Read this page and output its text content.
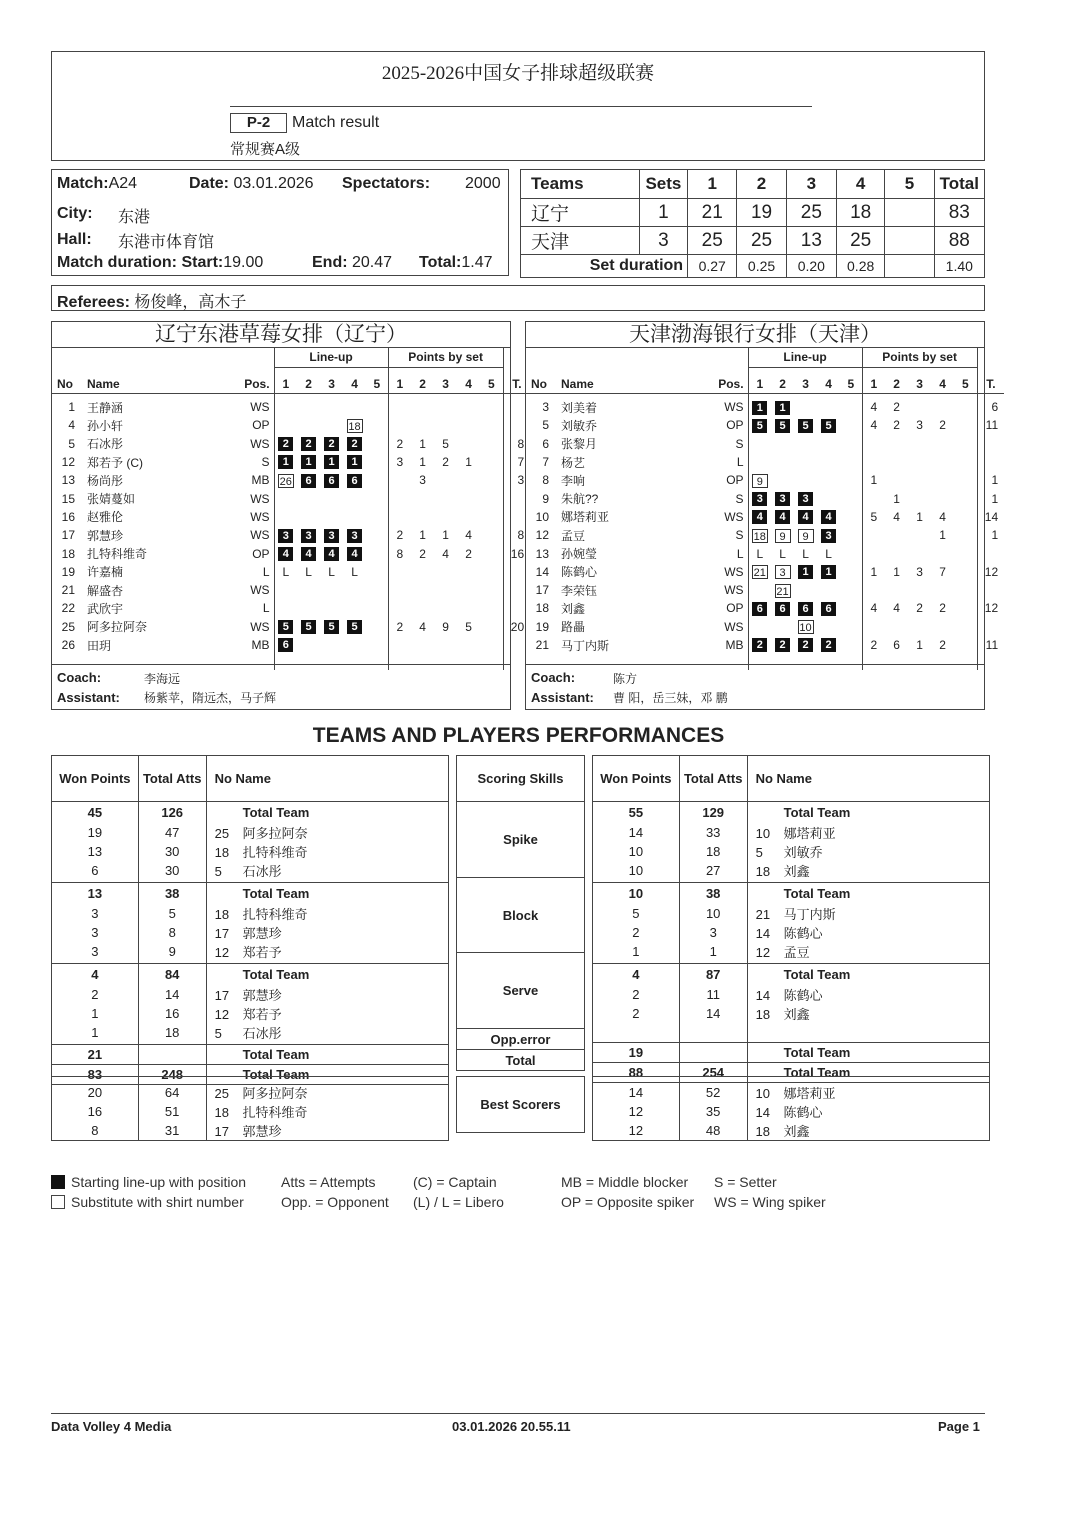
2025-2026中国女子排球超级联赛
P-2	Match result
常规赛A级
Match:A24	Date: 03.01.2026 Spectators: 2000
City: 东港
Hall: 东港市体育馆
Match duration: Start:19.00	End: 20.47 Total:1.47
Teams	Sets	1	2	3	4	5	Total
辽宁	1	21	19	25	18		83
天津	3	25	25	13	25		88
Set duration		0.27	0.25	0.20	0.28		1.40
Referees: 杨俊峰，高木子
辽宁东港草莓女排（辽宁）
			Line-up					Points by set					
No	Name	Pos.	1	2	3	4	5	1	2	3	4	5	T.

1	王静涵	WS											
4	孙小轩	OP				18							
5	石冰彤	WS	2	2	2	2		2	1	5			8
12	郑若予 (C)	S	1	1	1	1		3	1	2	1		7
13	杨尚彤	MB	26	6	6	6			3				3
15	张婧蔓如	WS											
16	赵雅伦	WS											
17	郭慧珍	WS	3	3	3	3		2	1	1	4		8
18	扎特科维奇	OP	4	4	4	4		8	2	4	2		16
19	许嘉楠	L	L	L	L	L							
21	解盛杏	WS											
22	武欣宇	L											
25	阿多拉阿奈	WS	5	5	5	5		2	4	9	5		20
26	田玥	MB	6										

Coach:	李海远
Assistant: 杨紫苹，隋远杰，马子辉
天津渤海银行女排（天津）
			Line-up					Points by set					
No	Name	Pos.	1	2	3	4	5	1	2	3	4	5	T.

3	刘美着	WS	1	1				4	2				6
5	刘敏乔	OP	5	5	5	5		4	2	3	2		11
6	张黎月	S											
7	杨艺	L											
8	李响	OP	9					1					1
9	朱航??	S	3	3	3				1				1
10	娜塔莉亚	WS	4	4	4	4		5	4	1	4		14
12	孟豆	S	18	9	9	3					1		1
13	孙婉瑩	L	L	L	L	L							
14	陈鹤心	WS	21	3	1	1		1	1	3	7		12
17	李荣钰	WS		21									
18	刘鑫	OP	6	6	6	6		4	4	2	2		12
19	路畾	WS			10								
21	马丁内斯	MB	2	2	2	2		2	6	1	2		11

Coach:	陈方
Assistant: 曹 阳，岳三妹，邓 鹏
TEAMS AND PLAYERS PERFORMANCES
Won Points	Total Atts	No Name
45	126	Total Team
19	47	25 阿多拉阿奈
13	30	18 扎特科维奇
6	30	5 石冰彤

13	38	Total Team
3	5	18 扎特科维奇
3	8	17 郭慧珍
3	9	12 郑若予

4	84	Total Team
2	14	17 郭慧珍
1	16	12 郑若予
1	18	5 石冰彤

21		Total Team
83	248	Total Team
Scoring Skills
Spike
Block
Serve
Opp.error
Total
Won Points	Total Atts	No Name
55	129	Total Team
14	33	10 娜塔莉亚
10	18	5 刘敏乔
10	27	18 刘鑫

10	38	Total Team
5	10	21 马丁内斯
2	3	14 陈鹤心
1	1	12 孟豆

4	87	Total Team
2	11	14 陈鹤心
2	14	18 刘鑫

19		Total Team
88	254	Total Team
20	64	25 阿多拉阿奈
16	51	18 扎特科维奇
8	31	17 郭慧珍
Best Scorers
14	52	10 娜塔莉亚
12	35	14 陈鹤心
12	48	18 刘鑫
Starting line-up with position
Substitute with shirt number
Atts = Attempts
Opp. = Opponent
(C) = Captain
(L) / L = Libero
MB = Middle blocker
OP = Opposite spiker
S = Setter
WS = Wing spiker
Data Volley 4 Media	03.01.2026 20.55.11	Page 1
